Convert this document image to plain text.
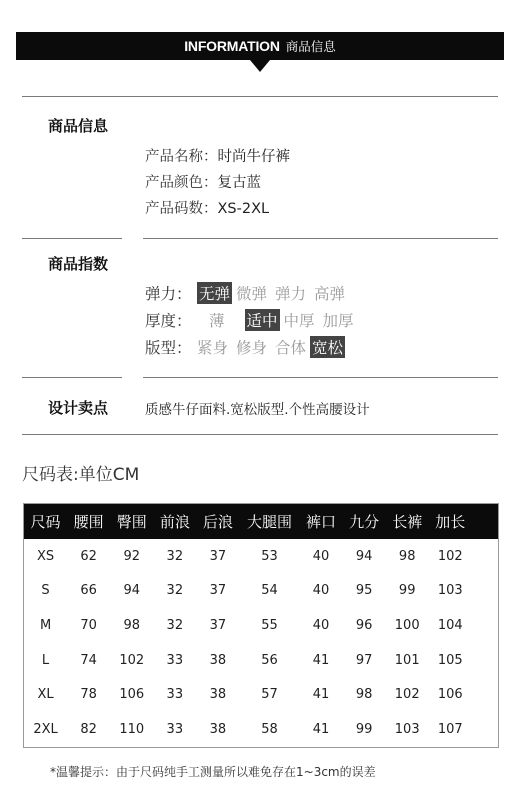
INFORMATION 商品信息
商品信息
产品名称：时尚牛仔裤
产品颜色：复古蓝
产品码数：XS-2XL
商品指数
弹力： 无弹 微弹 弹力 高弹
厚度：	薄 适中 中厚 加厚
版型： 紧身 修身 合体 宽松
设计卖点	质感牛仔面料.宽松版型.个性高腰设计
尺码表:单位CM
尺码 腰围 臀围 前浪 后浪 大腿围 裤口 九分 长裤 加长
XS	62	92	32	37	53	40	94	98	102
S	66	94	32	37	54	40	95	99	103
M	70	98	32	37	55	40	96	100	104
L	74	102	33	38	56	41	97	101	105
XL	78	106	33	38	57	41	98	102	106
2XL	82	110	33	38	58	41	99	103	107
*温馨提示：由于尺码纯手工测量所以难免存在1~3cm的误差
